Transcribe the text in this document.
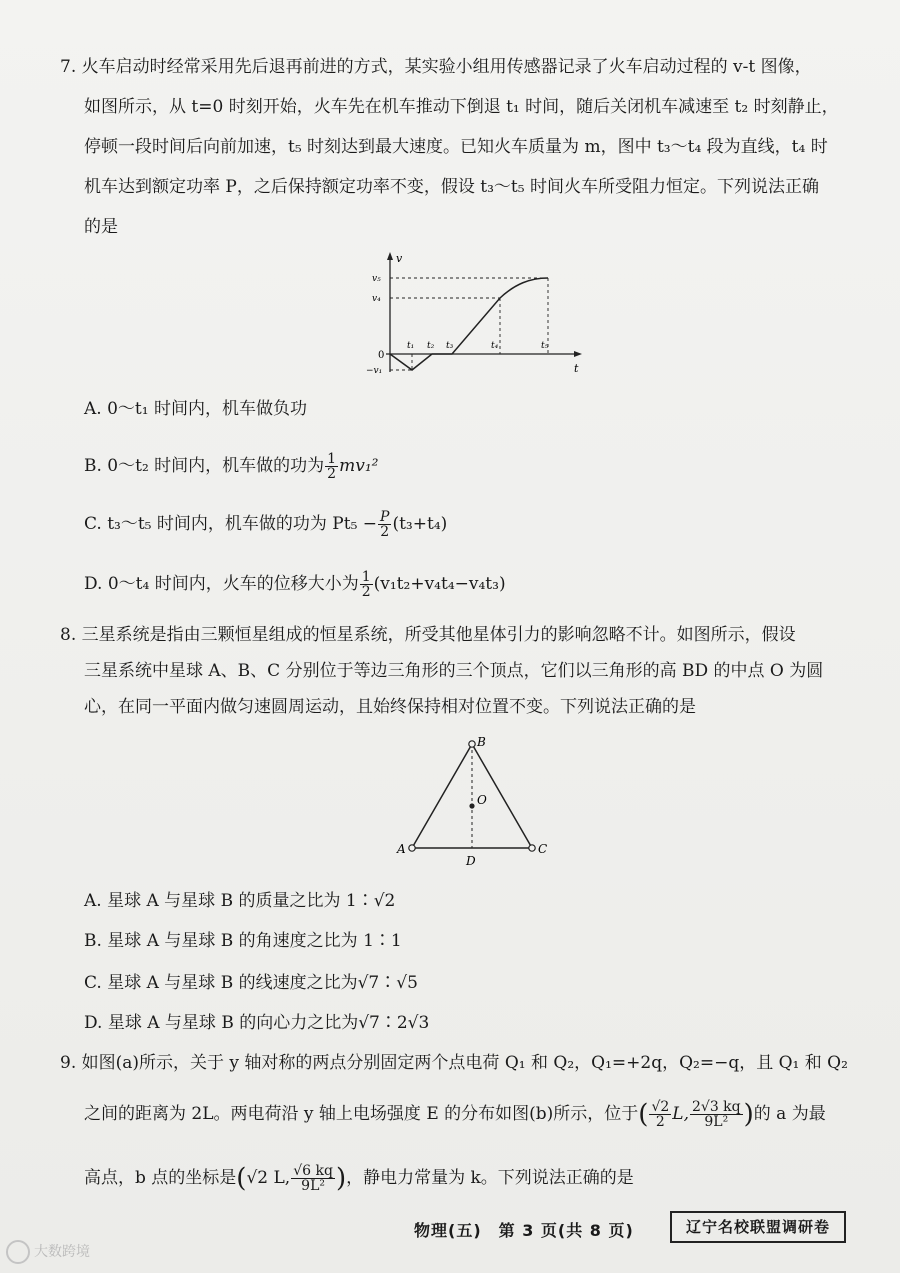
7. 火车启动时经常采用先后退再前进的方式，某实验小组用传感器记录了火车启动过程的 v-t 图像，
如图所示，从 t=0 时刻开始，火车先在机车推动下倒退 t₁ 时间，随后关闭机车减速至 t₂ 时刻静止，
停顿一段时间后向前加速，t₅ 时刻达到最大速度。已知火车质量为 m，图中 t₃～t₄ 段为直线，t₄ 时
机车达到额定功率 P，之后保持额定功率不变，假设 t₃～t₅ 时间火车所受阻力恒定。下列说法正确
的是
v
t
0
v₅
v₄
−v₁
t₁ t₂ t₃	t₄	t₅
A. 0～t₁ 时间内，机车做负功
B. 0～t₂ 时间内，机车做的功为 $\frac{1}{2} mv_1^2$
C. t₃～t₅ 时间内，机车做的功为 $Pt_5 - \frac{P}{2} (t_3+t_4)$
D. 0～t₄ 时间内，火车的位移大小为 $\frac{1}{2} (v_1t_2+v_4t_4-v_4t_3)$
8. 三星系统是指由三颗恒星组成的恒星系统，所受其他星体引力的影响忽略不计。如图所示，假设
三星系统中星球 A、B、C 分别位于等边三角形的三个顶点，它们以三角形的高 BD 的中点 O 为圆
心，在同一平面内做匀速圆周运动，且始终保持相对位置不变。下列说法正确的是
B
O
A
D
C
A. 星球 A 与星球 B 的质量之比为 1∶√2
B. 星球 A 与星球 B 的角速度之比为 1∶1
C. 星球 A 与星球 B 的线速度之比为√7∶√5
D. 星球 A 与星球 B 的向心力之比为√7∶2√3
9. 如图(a)所示，关于 y 轴对称的两点分别固定两个点电荷 Q₁ 和 Q₂，Q₁=+2q，Q₂=−q，且 Q₁ 和 Q₂
之间的距离为 2L。两电荷沿 y 轴上电场强度 E 的分布如图(b)所示，位于( $\frac{√2}{2} L$, $\frac{2√3 kq}{\text{9L²}}$ )的 a 为最
高点，b 点的坐标是(√2 L, $\frac{√6 kq}{\text{9L²}}$ )，静电力常量为 k。下列说法正确的是
物理(五)　第 3 页(共 8 页)	辽宁名校联盟调研卷
大数跨境
